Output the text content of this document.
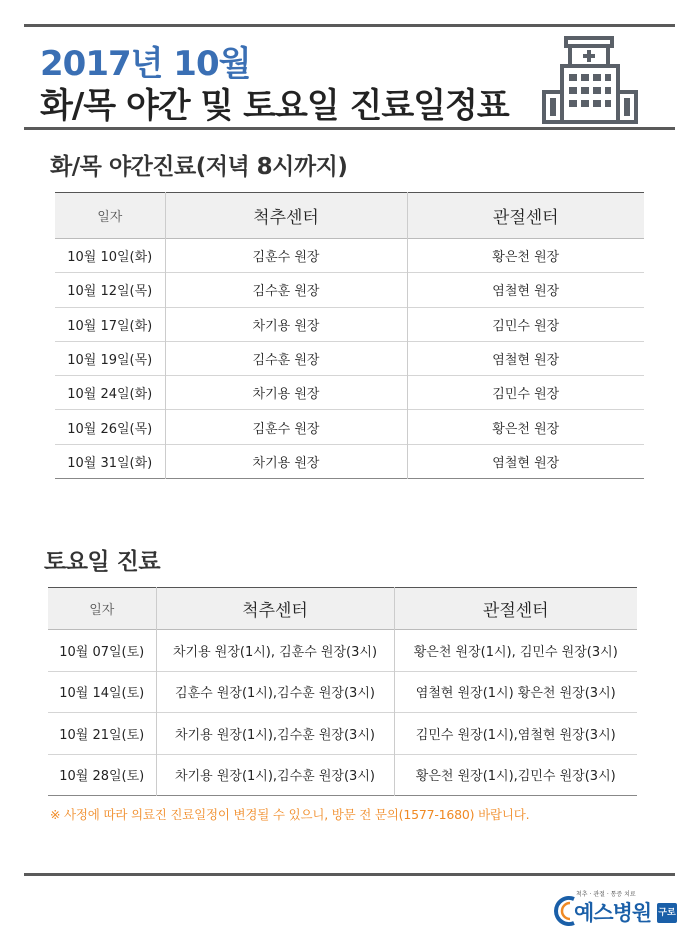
2017년 10월
화/목 야간 및 토요일 진료일정표
화/목 야간진료(저녁 8시까지)
일자	척추센터	관절센터
10월 10일(화)	김훈수 원장	황은천 원장
10월 12일(목)	김수훈 원장	염철현 원장
10월 17일(화)	차기용 원장	김민수 원장
10월 19일(목)	김수훈 원장	염철현 원장
10월 24일(화)	차기용 원장	김민수 원장
10월 26일(목)	김훈수 원장	황은천 원장
10월 31일(화)	차기용 원장	염철현 원장
토요일 진료
일자	척추센터	관절센터
10월 07일(토)	차기용 원장(1시), 김훈수 원장(3시)	황은천 원장(1시), 김민수 원장(3시)
10월 14일(토)	김훈수 원장(1시),김수훈 원장(3시)	염철현 원장(1시) 황은천 원장(3시)
10월 21일(토)	차기용 원장(1시),김수훈 원장(3시)	김민수 원장(1시),염철현 원장(3시)
10월 28일(토)	차기용 원장(1시),김수훈 원장(3시)	황은천 원장(1시),김민수 원장(3시)
※ 사정에 따라 의료진 진료일정이 변경될 수 있으니, 방문 전 문의(1577-1680) 바랍니다.
척추 · 관절 · 통증 치료
예스병원 구로
